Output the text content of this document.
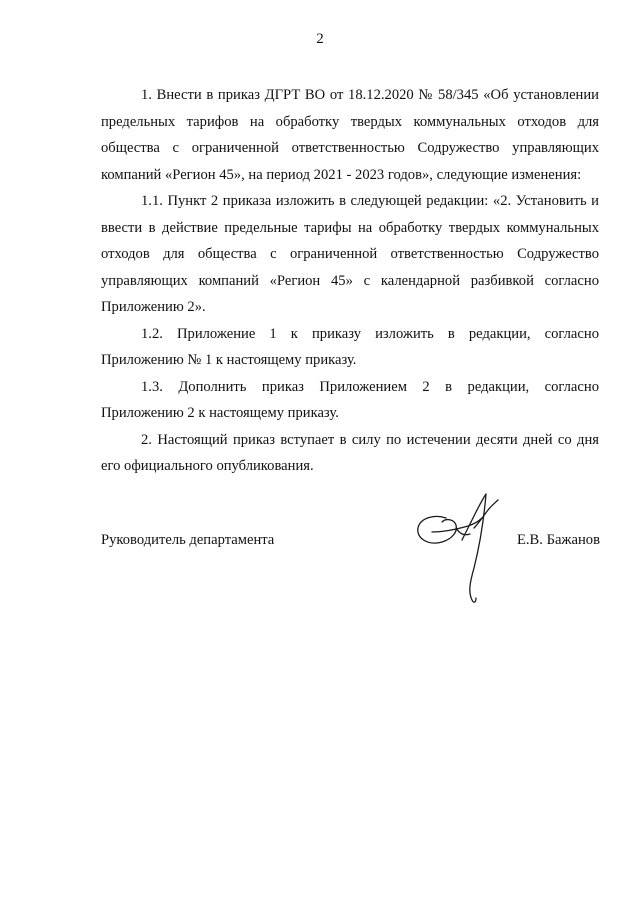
2

1. Внести в приказ ДГРТ ВО от 18.12.2020 № 58/345 «Об установлении предельных тарифов на обработку твердых коммунальных отходов для общества с ограниченной ответственностью Содружество управляющих компаний «Регион 45», на период 2021 - 2023 годов», следующие изменения:

1.1. Пункт 2 приказа изложить в следующей редакции: «2. Установить и ввести в действие предельные тарифы на обработку твердых коммунальных отходов для общества с ограниченной ответственностью Содружество управляющих компаний «Регион 45» с календарной разбивкой согласно Приложению 2».

1.2. Приложение 1 к приказу изложить в редакции, согласно Приложению № 1 к настоящему приказу.

1.3. Дополнить приказ Приложением 2 в редакции, согласно Приложению 2 к настоящему приказу.

2. Настоящий приказ вступает в силу по истечении десяти дней со дня его официального опубликования.

Руководитель департамента	Е.В. Бажанов
